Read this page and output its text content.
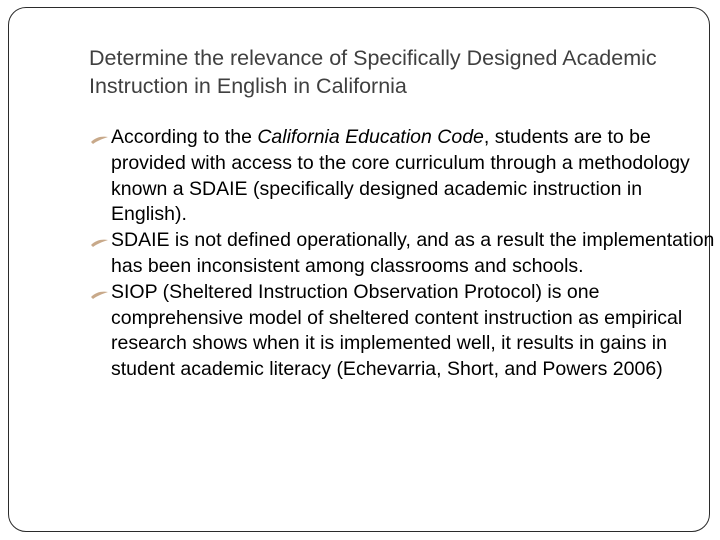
Determine the relevance of Specifically Designed Academic Instruction in English in California
According to the California Education Code, students are to be provided with access to the core curriculum through a methodology known a SDAIE (specifically designed academic instruction in English).
SDAIE is not defined operationally, and as a result the implementation has been inconsistent among classrooms and schools.
SIOP (Sheltered Instruction Observation Protocol) is one comprehensive model of sheltered content instruction as empirical research shows when it is implemented well, it results in gains in student academic literacy (Echevarria, Short, and Powers 2006)
